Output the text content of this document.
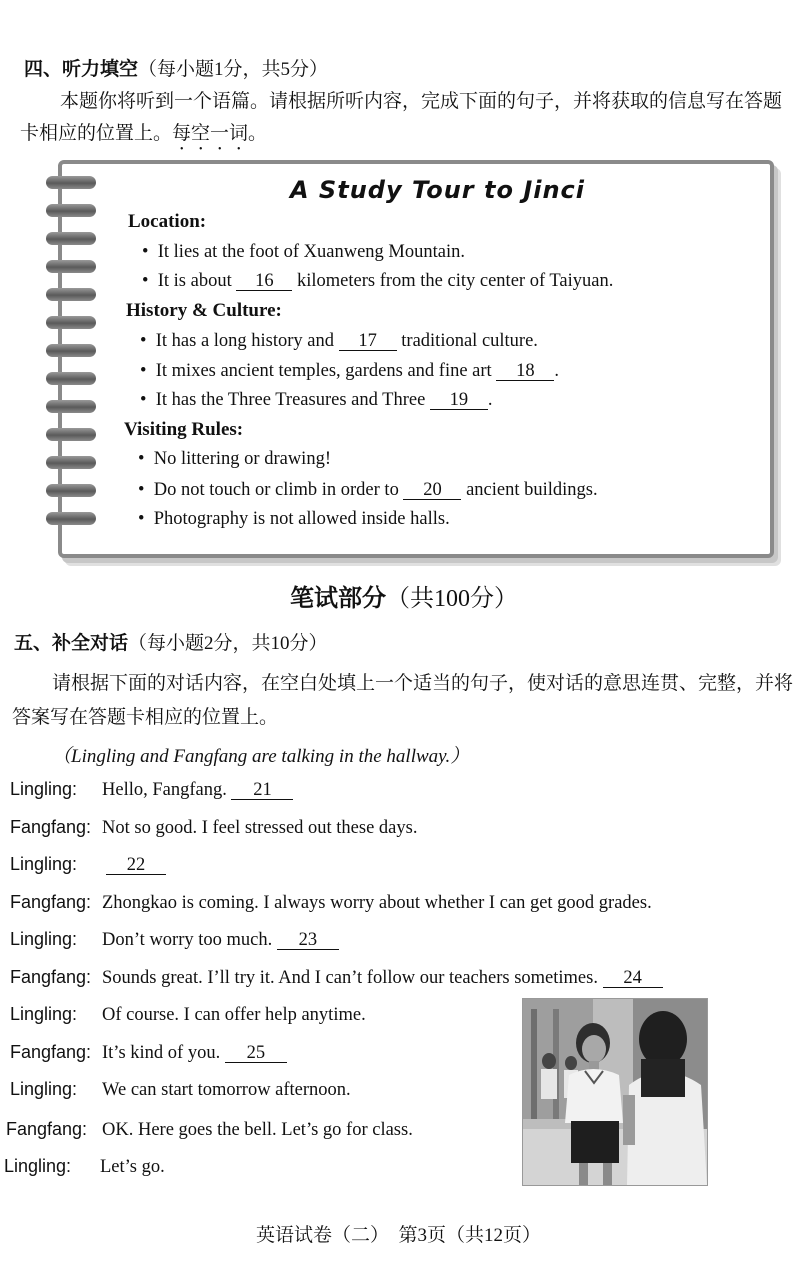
四、听力填空（每小题1分，共5分）
本题你将听到一个语篇。请根据所听内容，完成下面的句子，并将获取的信息写在答题
卡相应的位置上。每空一词。
A Study Tour to Jinci
Location:
• It lies at the foot of Xuanweng Mountain.
• It is about 16 kilometers from the city center of Taiyuan.
History & Culture:
• It has a long history and 17 traditional culture.
• It mixes ancient temples, gardens and fine art 18 .
• It has the Three Treasures and Three 19 .
Visiting Rules:
• No littering or drawing!
• Do not touch or climb in order to 20 ancient buildings.
• Photography is not allowed inside halls.
笔试部分（共100分）
五、补全对话（每小题2分，共10分）
请根据下面的对话内容，在空白处填上一个适当的句子，使对话的意思连贯、完整，并将
答案写在答题卡相应的位置上。
（Lingling and Fangfang are talking in the hallway.）
Lingling: Hello, Fangfang. 21
Fangfang: Not so good. I feel stressed out these days.
Lingling:	22
Fangfang: Zhongkao is coming. I always worry about whether I can get good grades.
Lingling: Don’t worry too much. 23
Fangfang: Sounds great. I’ll try it. And I can’t follow our teachers sometimes. 24
Lingling: Of course. I can offer help anytime.
Fangfang: It’s kind of you. 25
Lingling: We can start tomorrow afternoon.
Fangfang: OK. Here goes the bell. Let’s go for class.
Lingling: Let’s go.
英语试卷（二）　第3页（共12页）
